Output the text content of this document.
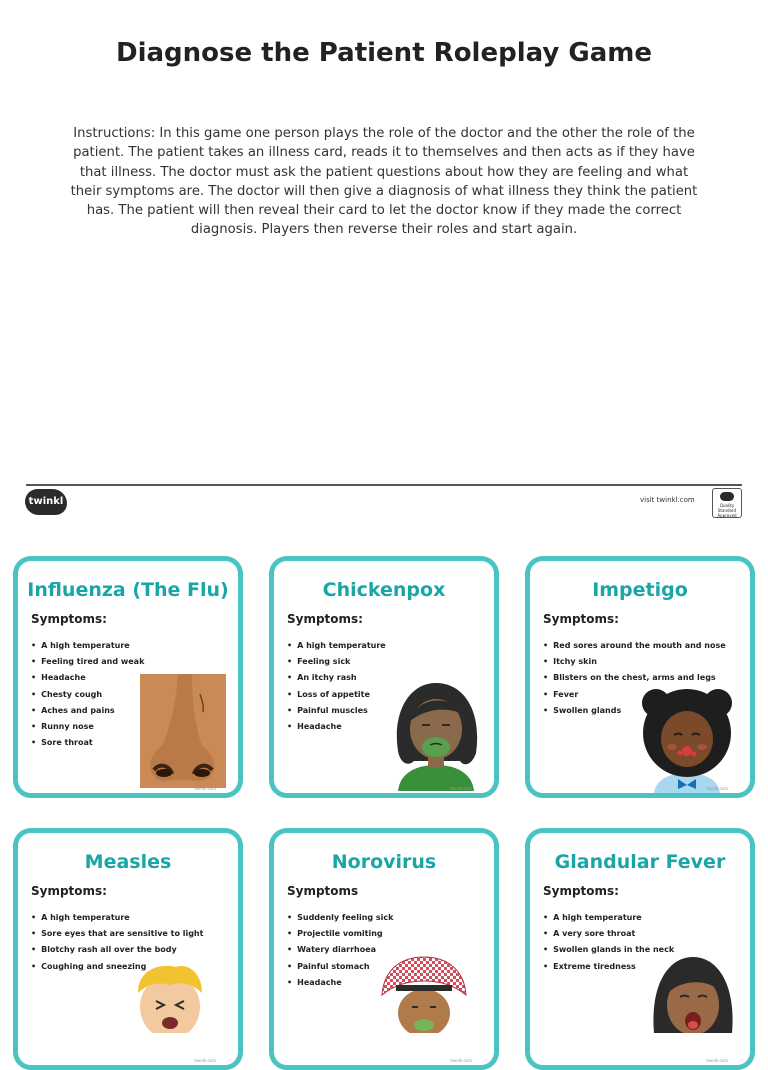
Diagnose the Patient Roleplay Game
Instructions: In this game one person plays the role of the doctor and the other the role of the patient. The patient takes an illness card, reads it to themselves and then acts as if they have that illness. The doctor must ask the patient questions about how they are feeling and what their symptoms are. The doctor will then give a diagnosis of what illness they think the patient has. The patient will then reveal their card to let the doctor know if they made the correct diagnosis. Players then reverse their roles and start again.
twinkl	visit twinkl.com
Quality Standard Approved
Influenza (The Flu)
Symptoms:
• A high temperature
• Feeling tired and weak
• Headache
• Chesty cough
• Aches and pains
• Runny nose
• Sore throat
twinkl.com
Chickenpox
Symptoms:
• A high temperature
• Feeling sick
• An itchy rash
• Loss of appetite
• Painful muscles
• Headache
twinkl.com
Impetigo
Symptoms:
• Red sores around the mouth and nose
• Itchy skin
• Blisters on the chest, arms and legs
• Fever
• Swollen glands
twinkl.com
Measles
Symptoms:
• A high temperature
• Sore eyes that are sensitive to light
• Blotchy rash all over the body
• Coughing and sneezing
twinkl.com
Norovirus
Symptoms
• Suddenly feeling sick
• Projectile vomiting
• Watery diarrhoea
• Painful stomach
• Headache
twinkl.com
Glandular Fever
Symptoms:
• A high temperature
• A very sore throat
• Swollen glands in the neck
• Extreme tiredness
twinkl.com
